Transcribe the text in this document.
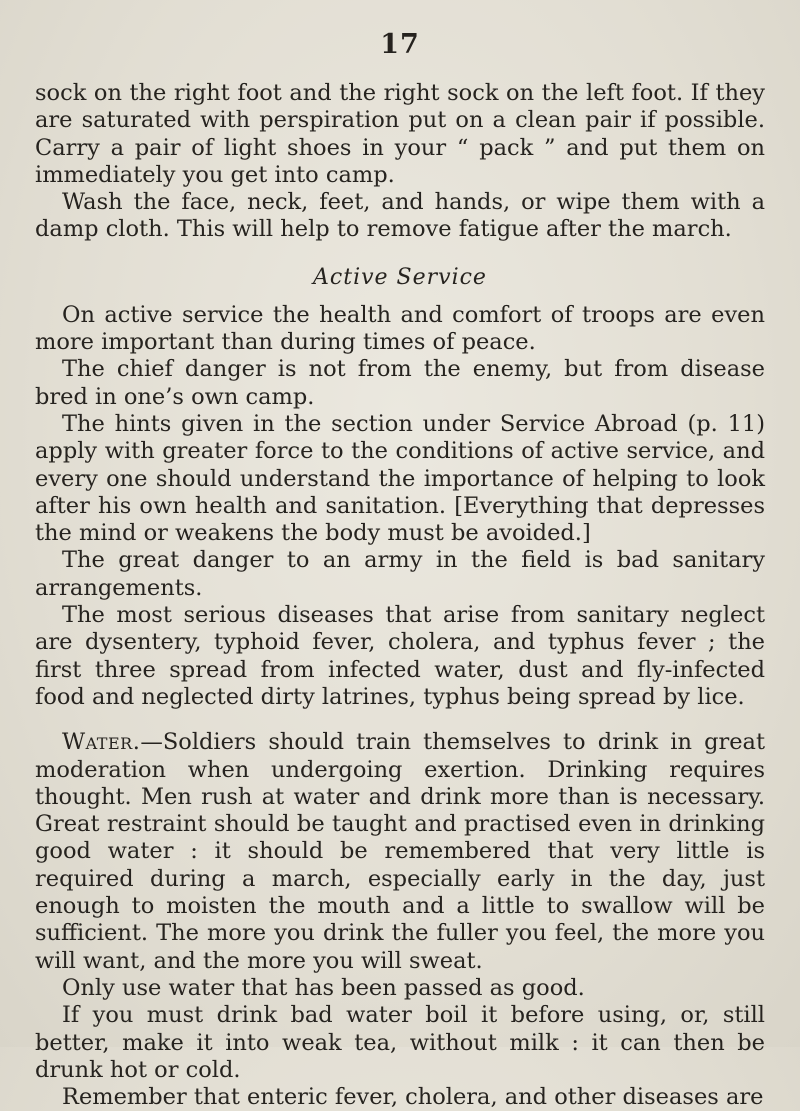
17

sock on the right foot and the right sock on the left foot. If they are saturated with perspiration put on a clean pair if possible. Carry a pair of light shoes in your “ pack ” and put them on immediately you get into camp.

Wash the face, neck, feet, and hands, or wipe them with a damp cloth. This will help to remove fatigue after the march.

Active Service

On active service the health and comfort of troops are even more important than during times of peace.

The chief danger is not from the enemy, but from disease bred in one’s own camp.

The hints given in the section under Service Abroad (p. 11) apply with greater force to the conditions of active service, and every one should understand the importance of helping to look after his own health and sanitation. [Everything that depresses the mind or weakens the body must be avoided.]

The great danger to an army in the field is bad sanitary arrangements.

The most serious diseases that arise from sanitary neglect are dysentery, typhoid fever, cholera, and typhus fever ; the first three spread from infected water, dust and fly-infected food and neglected dirty latrines, typhus being spread by lice.

Water.—Soldiers should train themselves to drink in great moderation when undergoing exertion. Drinking requires thought. Men rush at water and drink more than is necessary. Great restraint should be taught and practised even in drinking good water : it should be remembered that very little is required during a march, especially early in the day, just enough to moisten the mouth and a little to swallow will be sufficient. The more you drink the fuller you feel, the more you will want, and the more you will sweat.

Only use water that has been passed as good.

If you must drink bad water boil it before using, or, still better, make it into weak tea, without milk : it can then be drunk hot or cold.

Remember that enteric fever, cholera, and other diseases are
